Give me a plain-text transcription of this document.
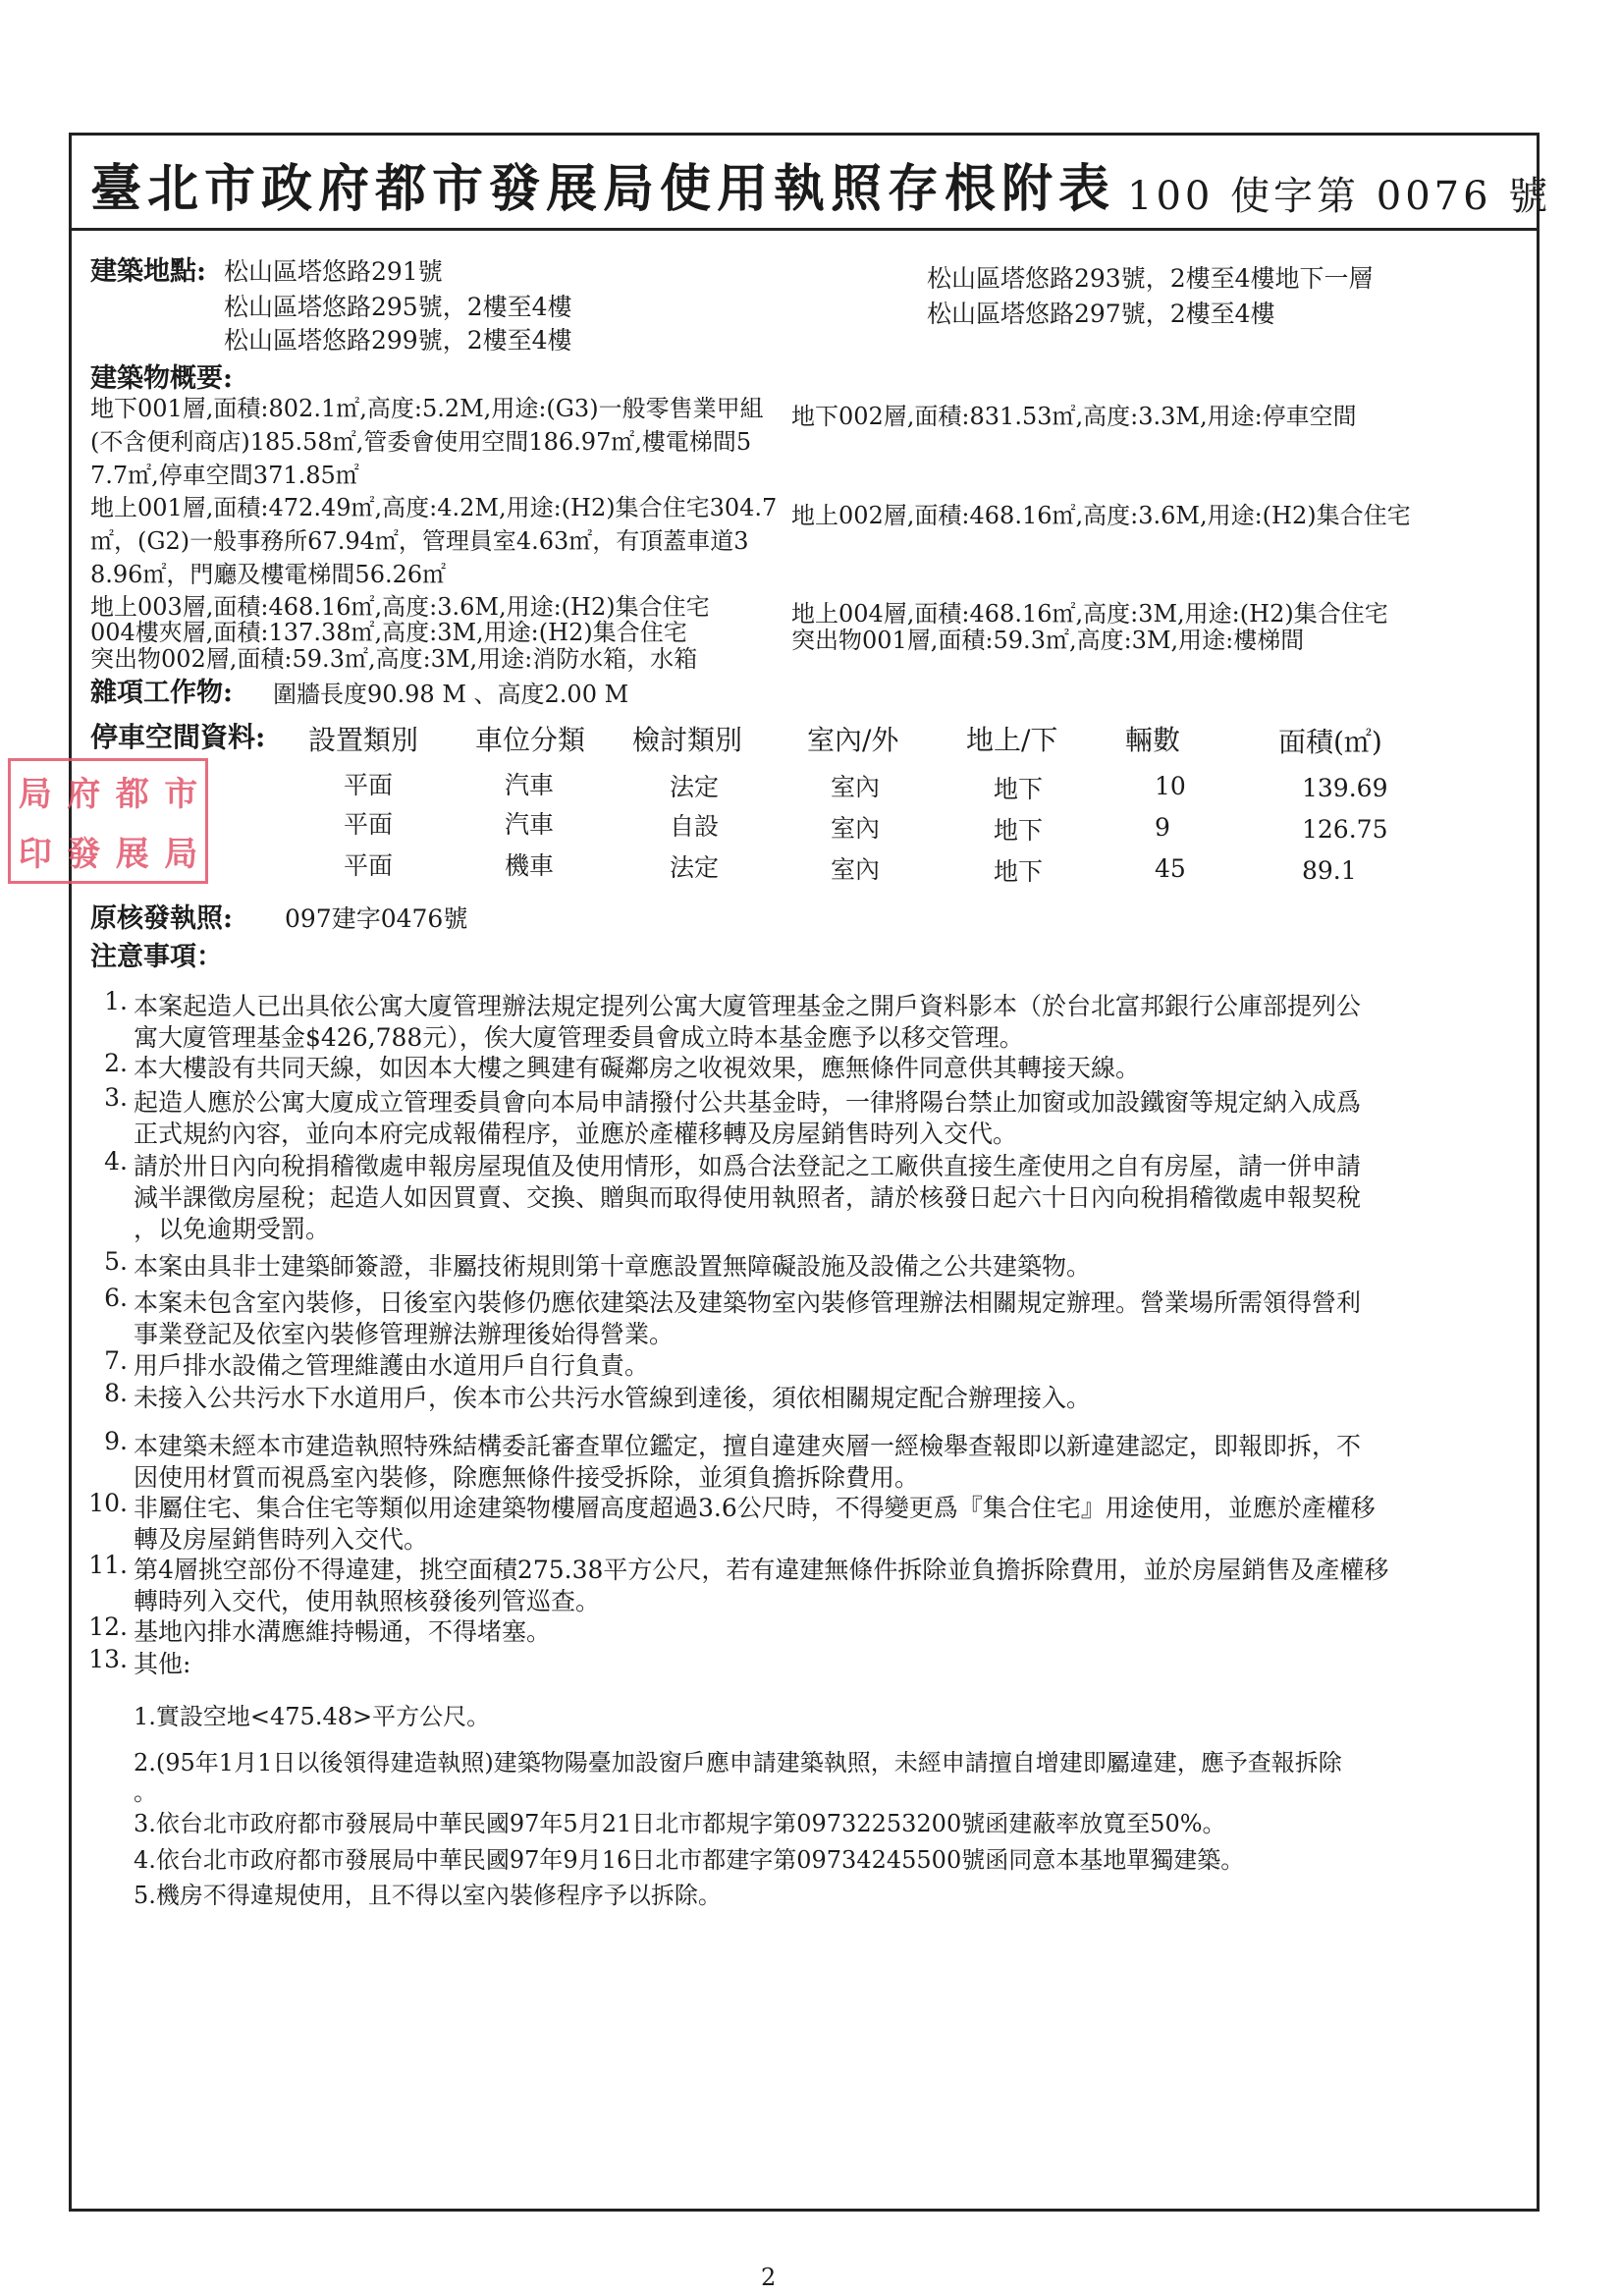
臺北市政府都市發展局使用執照存根附表 100 使字第 0076 號
建築地點: 松山區塔悠路291號
松山區塔悠路295號，2樓至4樓
松山區塔悠路299號，2樓至4樓
松山區塔悠路293號，2樓至4樓地下一層
松山區塔悠路297號，2樓至4樓
建築物概要:
地下001層,面積:802.1㎡,高度:5.2M,用途:(G3)一般零售業甲組
(不含便利商店)185.58㎡,管委會使用空間186.97㎡,樓電梯間5
7.7㎡,停車空間371.85㎡
地下002層,面積:831.53㎡,高度:3.3M,用途:停車空間
地上001層,面積:472.49㎡,高度:4.2M,用途:(H2)集合住宅304.7
㎡，(G2)一般事務所67.94㎡，管理員室4.63㎡，有頂蓋車道3
8.96㎡，門廳及樓電梯間56.26㎡
地上002層,面積:468.16㎡,高度:3.6M,用途:(H2)集合住宅
地上003層,面積:468.16㎡,高度:3.6M,用途:(H2)集合住宅
004樓夾層,面積:137.38㎡,高度:3M,用途:(H2)集合住宅
突出物002層,面積:59.3㎡,高度:3M,用途:消防水箱，水箱
地上004層,面積:468.16㎡,高度:3M,用途:(H2)集合住宅
突出物001層,面積:59.3㎡,高度:3M,用途:樓梯間
雜項工作物: 圍牆長度90.98 M 、高度2.00 M
停車空間資料: 設置類別 車位分類 檢討類別 室內/外 地上/下 輛數	面積(㎡)
平面	汽車	法定	室內	地下	10	139.69
平面	汽車	自設	室內	地下	9	126.75
平面	機車	法定	室內	地下	45	89.1
局 府 都 市
印 發 展 局
原核發執照: 097建字0476號
注意事項：
1. 本案起造人已出具依公寓大廈管理辦法規定提列公寓大廈管理基金之開戶資料影本（於台北富邦銀行公庫部提列公
寓大廈管理基金$426,788元），俟大廈管理委員會成立時本基金應予以移交管理。
2. 本大樓設有共同天線，如因本大樓之興建有礙鄰房之收視效果，應無條件同意供其轉接天線。
3. 起造人應於公寓大廈成立管理委員會向本局申請撥付公共基金時，一律將陽台禁止加窗或加設鐵窗等規定納入成爲
正式規約內容，並向本府完成報備程序，並應於產權移轉及房屋銷售時列入交代。
4. 請於卅日內向稅捐稽徵處申報房屋現值及使用情形，如爲合法登記之工廠供直接生產使用之自有房屋，請一併申請
減半課徵房屋稅；起造人如因買賣、交換、贈與而取得使用執照者，請於核發日起六十日內向稅捐稽徵處申報契稅
，以免逾期受罰。
5. 本案由具非士建築師簽證，非屬技術規則第十章應設置無障礙設施及設備之公共建築物。
6. 本案未包含室內裝修，日後室內裝修仍應依建築法及建築物室內裝修管理辦法相關規定辦理。營業場所需領得營利
事業登記及依室內裝修管理辦法辦理後始得營業。
7. 用戶排水設備之管理維護由水道用戶自行負責。
8. 未接入公共污水下水道用戶，俟本市公共污水管線到達後，須依相關規定配合辦理接入。
9. 本建築未經本市建造執照特殊結構委託審查單位鑑定，擅自違建夾層一經檢舉查報即以新違建認定，即報即拆，不
因使用材質而視爲室內裝修，除應無條件接受拆除，並須負擔拆除費用。
10. 非屬住宅、集合住宅等類似用途建築物樓層高度超過3.6公尺時，不得變更爲『集合住宅』用途使用，並應於產權移
轉及房屋銷售時列入交代。
11. 第4層挑空部份不得違建，挑空面積275.38平方公尺，若有違建無條件拆除並負擔拆除費用，並於房屋銷售及產權移
轉時列入交代，使用執照核發後列管巡查。
12. 基地內排水溝應維持暢通，不得堵塞。
13. 其他:
1.實設空地<475.48>平方公尺。
2.(95年1月1日以後領得建造執照)建築物陽臺加設窗戶應申請建築執照，未經申請擅自增建即屬違建，應予查報拆除
。
3.依台北市政府都市發展局中華民國97年5月21日北市都規字第09732253200號函建蔽率放寬至50%。
4.依台北市政府都市發展局中華民國97年9月16日北市都建字第09734245500號函同意本基地單獨建築。
5.機房不得違規使用，且不得以室內裝修程序予以拆除。
2
